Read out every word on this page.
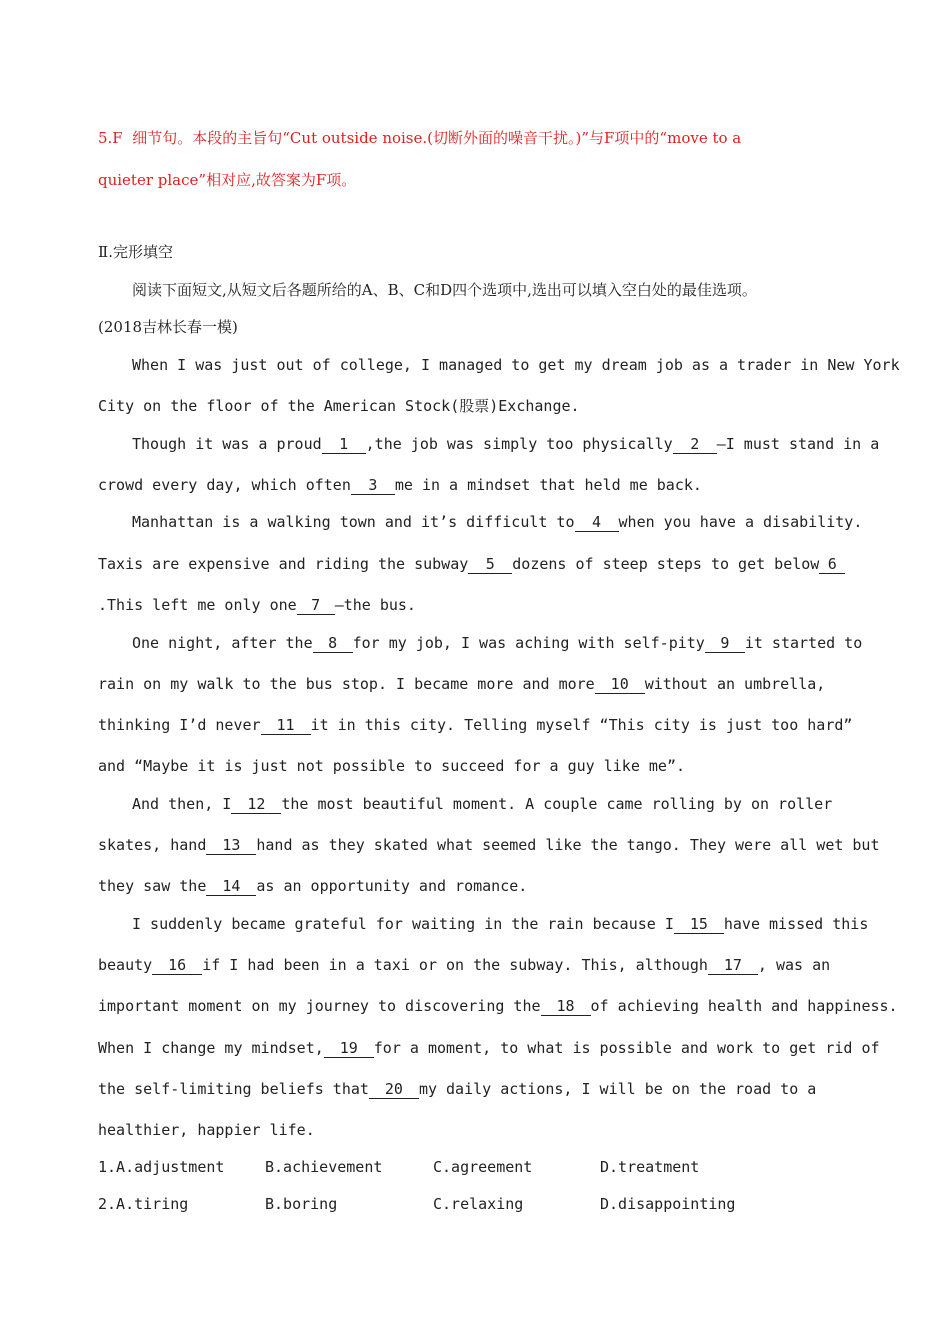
5.F  细节句。本段的主旨句“Cut outside noise.(切断外面的噪音干扰。)”与F项中的“move to a
quieter place”相对应,故答案为F项。
Ⅱ.完形填空
阅读下面短文,从短文后各题所给的A、B、C和D四个选项中,选出可以填入空白处的最佳选项。
(2018吉林长春一模)
When I was just out of college, I managed to get my dream job as a trader in New York
City on the floor of the American Stock(股票)Exchange.
Though it was a proud 1 ,the job was simply too physically 2 —I must stand in a
crowd every day, which often 3 me in a mindset that held me back.
Manhattan is a walking town and it’s difficult to 4 when you have a disability.
Taxis are expensive and riding the subway 5 dozens of steep steps to get below 6
.This left me only one 7 —the bus.
One night, after the 8 for my job, I was aching with self-pity 9 it started to
rain on my walk to the bus stop. I became more and more 10 without an umbrella,
thinking I’d never 11 it in this city. Telling myself “This city is just too hard”
and “Maybe it is just not possible to succeed for a guy like me”.
And then, I 12 the most beautiful moment. A couple came rolling by on roller
skates, hand 13 hand as they skated what seemed like the tango. They were all wet but
they saw the 14 as an opportunity and romance.
I suddenly became grateful for waiting in the rain because I 15 have missed this
beauty 16 if I had been in a taxi or on the subway. This, although 17 , was an
important moment on my journey to discovering the 18 of achieving health and happiness.
When I change my mindset, 19 for a moment, to what is possible and work to get rid of
the self-limiting beliefs that 20 my daily actions, I will be on the road to a
healthier, happier life.
1.A.adjustment	B.achievement	C.agreement	D.treatment
2.A.tiring	B.boring	C.relaxing	D.disappointing
